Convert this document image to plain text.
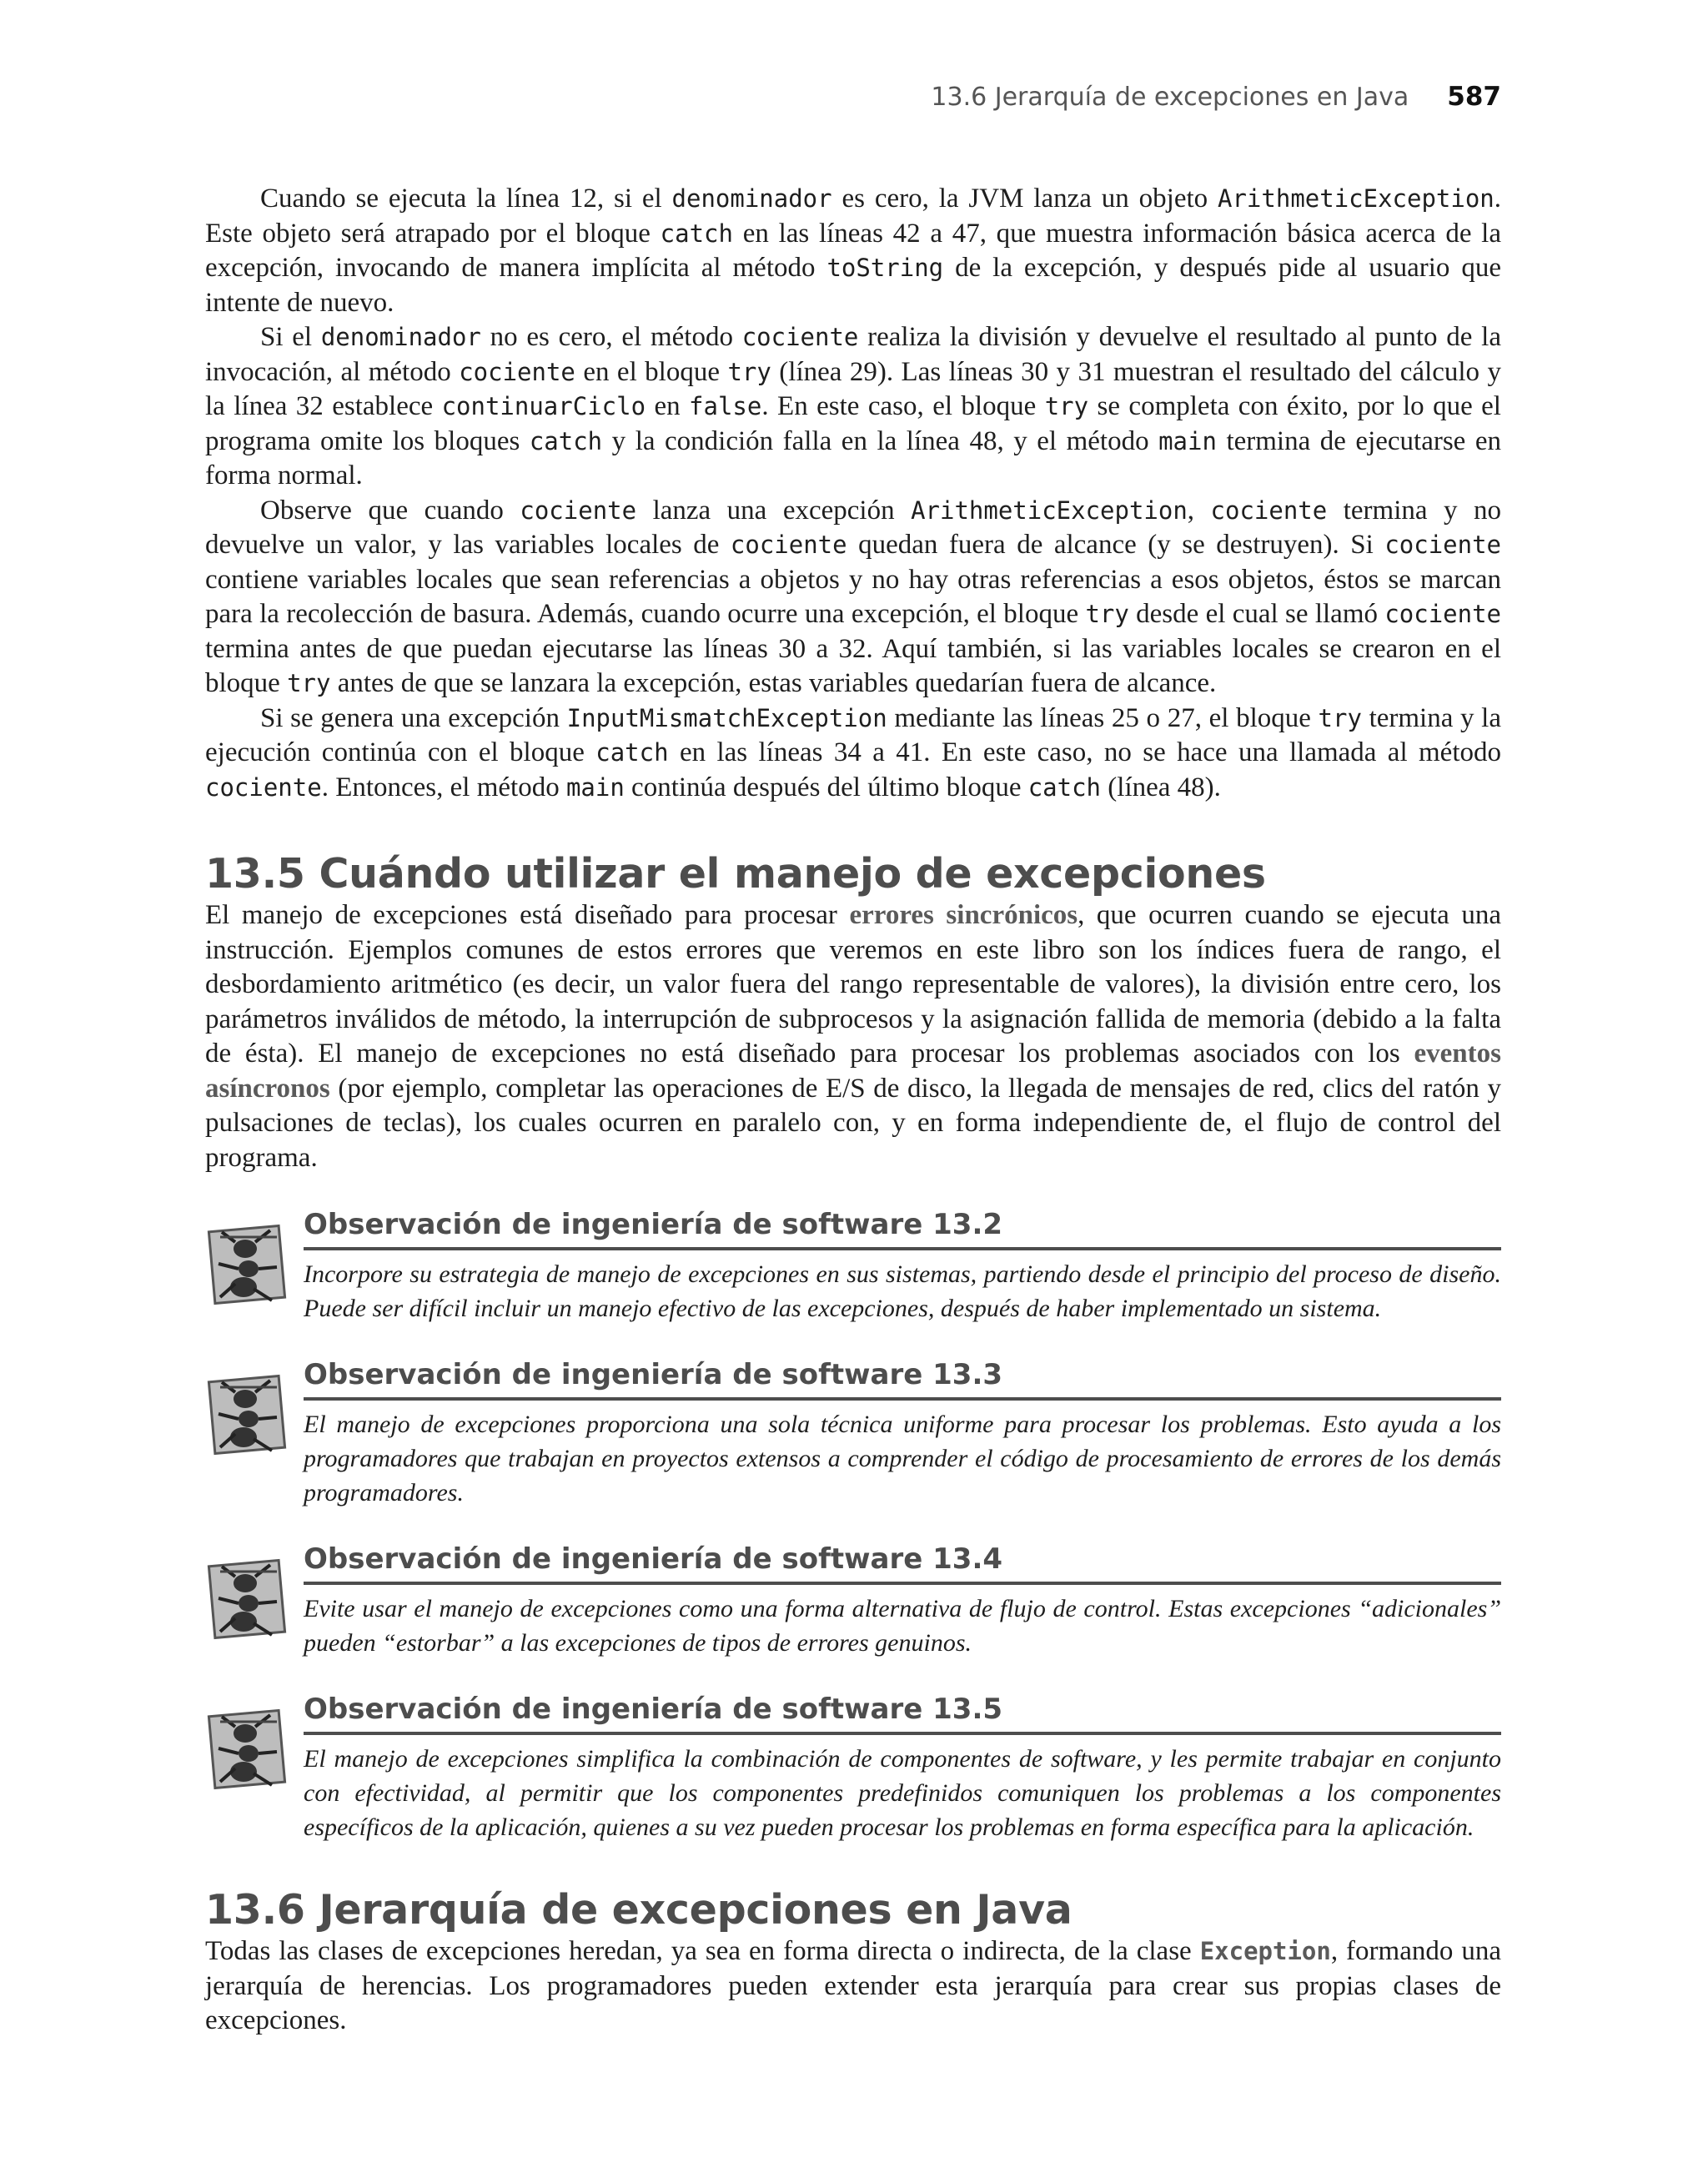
13.6 Jerarquía de excepciones en Java 587

Cuando se ejecuta la línea 12, si el denominador es cero, la JVM lanza un objeto ArithmeticException. Este objeto será atrapado por el bloque catch en las líneas 42 a 47, que muestra información básica acerca de la excepción, invocando de manera implícita al método toString de la excepción, y después pide al usuario que intente de nuevo.

Si el denominador no es cero, el método cociente realiza la división y devuelve el resultado al punto de la invocación, al método cociente en el bloque try (línea 29). Las líneas 30 y 31 muestran el resultado del cálculo y la línea 32 establece continuarCiclo en false. En este caso, el bloque try se completa con éxito, por lo que el programa omite los bloques catch y la condición falla en la línea 48, y el método main termina de ejecutarse en forma normal.

Observe que cuando cociente lanza una excepción ArithmeticException, cociente termina y no devuelve un valor, y las variables locales de cociente quedan fuera de alcance (y se destruyen). Si cociente contiene variables locales que sean referencias a objetos y no hay otras referencias a esos objetos, éstos se marcan para la recolección de basura. Además, cuando ocurre una excepción, el bloque try desde el cual se llamó cociente termina antes de que puedan ejecutarse las líneas 30 a 32. Aquí también, si las variables locales se crearon en el bloque try antes de que se lanzara la excepción, estas variables quedarían fuera de alcance.

Si se genera una excepción InputMismatchException mediante las líneas 25 o 27, el bloque try termina y la ejecución continúa con el bloque catch en las líneas 34 a 41. En este caso, no se hace una llamada al método cociente. Entonces, el método main continúa después del último bloque catch (línea 48).

13.5 Cuándo utilizar el manejo de excepciones

El manejo de excepciones está diseñado para procesar errores sincrónicos, que ocurren cuando se ejecuta una instrucción. Ejemplos comunes de estos errores que veremos en este libro son los índices fuera de rango, el desbordamiento aritmético (es decir, un valor fuera del rango representable de valores), la división entre cero, los parámetros inválidos de método, la interrupción de subprocesos y la asignación fallida de memoria (debido a la falta de ésta). El manejo de excepciones no está diseñado para procesar los problemas asociados con los eventos asíncronos (por ejemplo, completar las operaciones de E/S de disco, la llegada de mensajes de red, clics del ratón y pulsaciones de teclas), los cuales ocurren en paralelo con, y en forma independiente de, el flujo de control del programa.

Observación de ingeniería de software 13.2

Incorpore su estrategia de manejo de excepciones en sus sistemas, partiendo desde el principio del proceso de diseño. Puede ser difícil incluir un manejo efectivo de las excepciones, después de haber implementado un sistema.

Observación de ingeniería de software 13.3

El manejo de excepciones proporciona una sola técnica uniforme para procesar los problemas. Esto ayuda a los programadores que trabajan en proyectos extensos a comprender el código de procesamiento de errores de los demás programadores.

Observación de ingeniería de software 13.4

Evite usar el manejo de excepciones como una forma alternativa de flujo de control. Estas excepciones “adicionales” pueden “estorbar” a las excepciones de tipos de errores genuinos.

Observación de ingeniería de software 13.5

El manejo de excepciones simplifica la combinación de componentes de software, y les permite trabajar en conjunto con efectividad, al permitir que los componentes predefinidos comuniquen los problemas a los componentes específicos de la aplicación, quienes a su vez pueden procesar los problemas en forma específica para la aplicación.

13.6 Jerarquía de excepciones en Java

Todas las clases de excepciones heredan, ya sea en forma directa o indirecta, de la clase Exception, formando una jerarquía de herencias. Los programadores pueden extender esta jerarquía para crear sus propias clases de excepciones.
